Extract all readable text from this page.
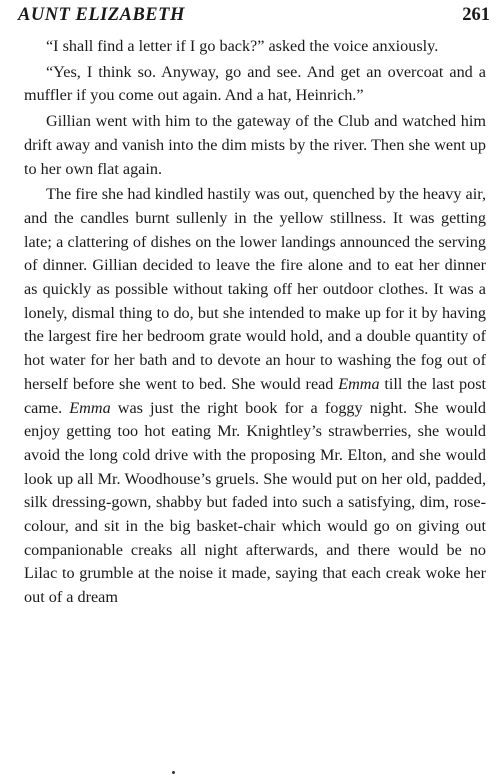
AUNT ELIZABETH	261

“I shall find a letter if I go back?” asked the voice anxiously.

“Yes, I think so. Anyway, go and see. And get an overcoat and a muffler if you come out again. And a hat, Heinrich.”

Gillian went with him to the gateway of the Club and watched him drift away and vanish into the dim mists by the river. Then she went up to her own flat again.

The fire she had kindled hastily was out, quenched by the heavy air, and the candles burnt sullenly in the yellow stillness. It was getting late; a clattering of dishes on the lower landings announced the serving of dinner. Gillian decided to leave the fire alone and to eat her dinner as quickly as possible without taking off her outdoor clothes. It was a lonely, dismal thing to do, but she intended to make up for it by having the largest fire her bedroom grate would hold, and a double quantity of hot water for her bath and to devote an hour to washing the fog out of herself before she went to bed. She would read Emma till the last post came. Emma was just the right book for a foggy night. She would enjoy getting too hot eating Mr. Knightley’s strawberries, she would avoid the long cold drive with the proposing Mr. Elton, and she would look up all Mr. Woodhouse’s gruels. She would put on her old, padded, silk dressing-gown, shabby but faded into such a satisfying, dim, rose-colour, and sit in the big basket-chair which would go on giving out companionable creaks all night afterwards, and there would be no Lilac to grumble at the noise it made, saying that each creak woke her out of a dream
